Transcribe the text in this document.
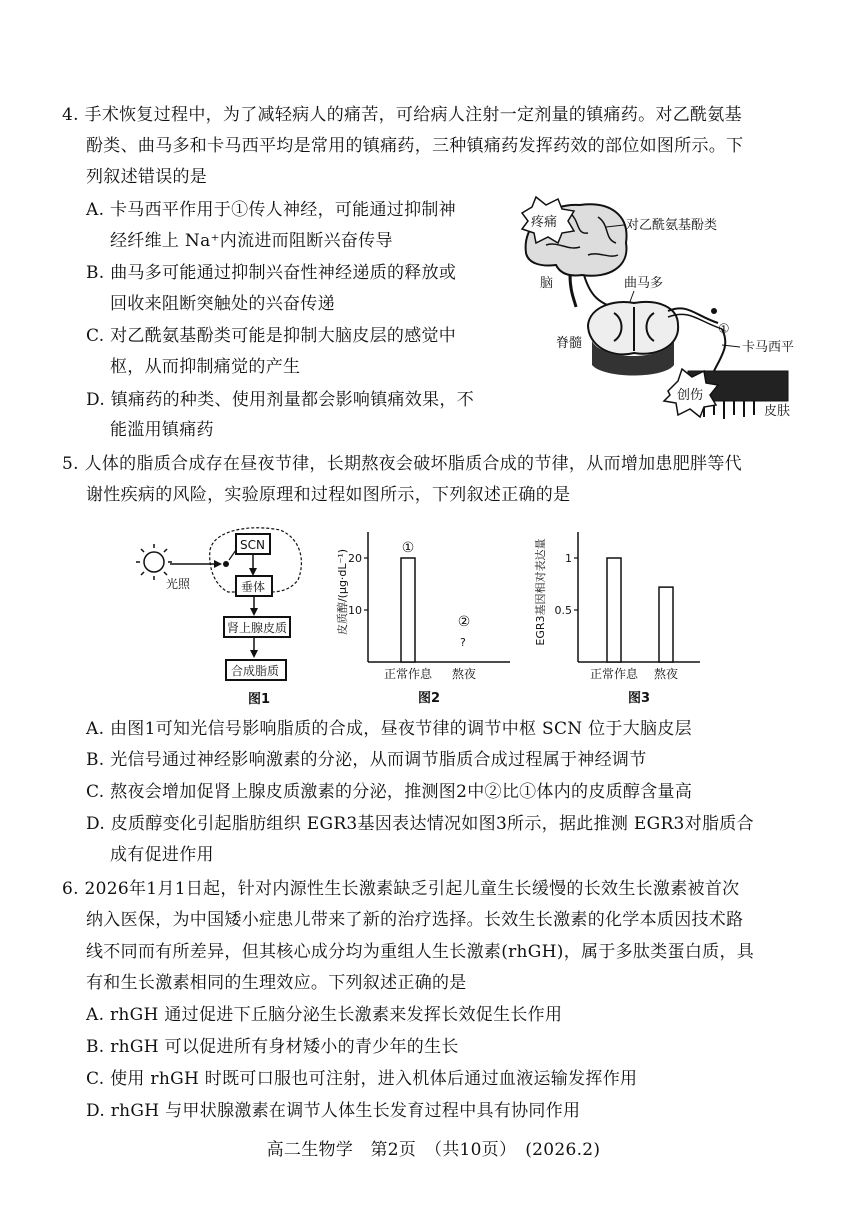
4. 手术恢复过程中，为了减轻病人的痛苦，可给病人注射一定剂量的镇痛药。对乙酰氨基
酚类、曲马多和卡马西平均是常用的镇痛药，三种镇痛药发挥药效的部位如图所示。下
列叙述错误的是
A. 卡马西平作用于①传人神经，可能通过抑制神
经纤维上 Na⁺内流进而阻断兴奋传导
B. 曲马多可能通过抑制兴奋性神经递质的释放或
回收来阻断突触处的兴奋传递
C. 对乙酰氨基酚类可能是抑制大脑皮层的感觉中
枢，从而抑制痛觉的产生
D. 镇痛药的种类、使用剂量都会影响镇痛效果，不
能滥用镇痛药
疼痛
脑
对乙酰氨基酚类
曲马多
脊髓
①
卡马西平
创伤
皮肤
5. 人体的脂质合成存在昼夜节律，长期熬夜会破坏脂质合成的节律，从而增加患肥胖等代
谢性疾病的风险，实验原理和过程如图所示，下列叙述正确的是
光照
SCN
垂体
肾上腺皮质
合成脂质
图1
皮质醇/(μg·dL⁻¹) 10
20
正常作息
①
熬夜
②
?
图2
EGR3基因相对表达量 0.5
1
正常作息 熬夜
图3
A. 由图1可知光信号影响脂质的合成，昼夜节律的调节中枢 SCN 位于大脑皮层
B. 光信号通过神经影响激素的分泌，从而调节脂质合成过程属于神经调节
C. 熬夜会增加促肾上腺皮质激素的分泌，推测图2中②比①体内的皮质醇含量高
D. 皮质醇变化引起脂肪组织 EGR3基因表达情况如图3所示，据此推测 EGR3对脂质合
成有促进作用
6. 2026年1月1日起，针对内源性生长激素缺乏引起儿童生长缓慢的长效生长激素被首次
纳入医保，为中国矮小症患儿带来了新的治疗选择。长效生长激素的化学本质因技术路
线不同而有所差异，但其核心成分均为重组人生长激素(rhGH)，属于多肽类蛋白质，具
有和生长激素相同的生理效应。下列叙述正确的是
A. rhGH 通过促进下丘脑分泌生长激素来发挥长效促生长作用
B. rhGH 可以促进所有身材矮小的青少年的生长
C. 使用 rhGH 时既可口服也可注射，进入机体后通过血液运输发挥作用
D. rhGH 与甲状腺激素在调节人体生长发育过程中具有协同作用
高二生物学　第2页　（共10页）　(2026.2)
